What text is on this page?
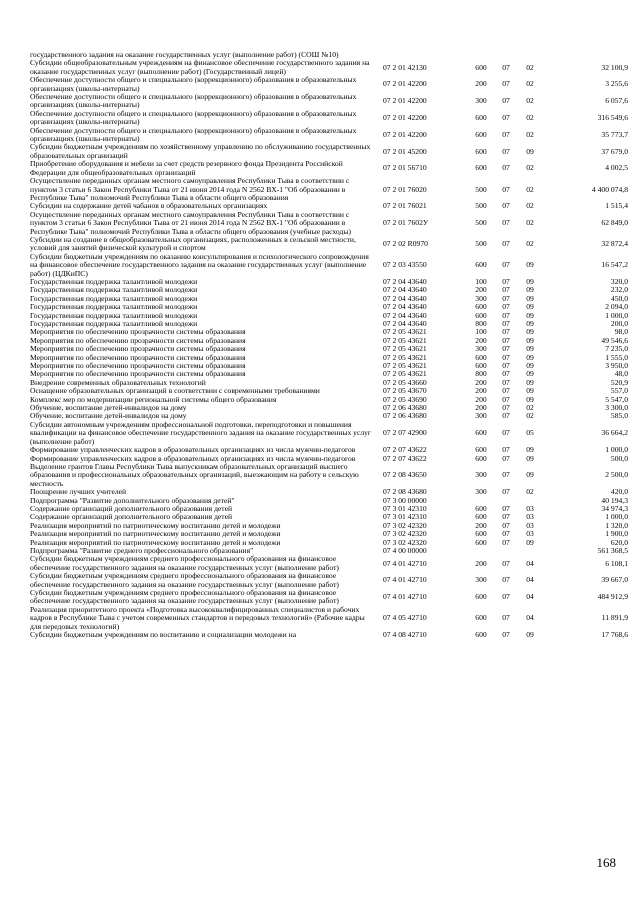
государственного задания на оказание государственных услуг (выполнение работ) (СОШ №10)					
Субсидии общеобразовательным учреждениям на финансовое обеспечение государственного задания на оказание государственных услуг (выполнение работ) (Государственный лицей)	07 2 01 42130	600	07	02	32 100,9
Обеспечение доступности общего и специального (коррекционного) образования в образовательных организациях (школы-интернаты)	07 2 01 42200	200	07	02	3 255,6
Обеспечение доступности общего и специального (коррекционного) образования в образовательных организациях (школы-интернаты)	07 2 01 42200	300	07	02	6 057,6
Обеспечение доступности общего и специального (коррекционного) образования в образовательных организациях (школы-интернаты)	07 2 01 42200	600	07	02	316 549,6
Обеспечение доступности общего и специального (коррекционного) образования в образовательных организациях (школы-интернаты)	07 2 01 42200	600	07	02	35 773,7
Субсидии бюджетным учреждениям по хозяйственному управлению по обслуживанию государственных образовательных организаций	07 2 01 45200	600	07	09	37 679,0
Приобретение оборудования и мебели за счет средств резервного фонда Президента Российской Федерации для общеобразовательных организаций	07 2 01 56710	600	07	02	4 002,5
Осуществление переданных органам местного самоуправления Республики Тыва в соответствии с пунктом 3 статьи 6 Закон Республики Тыва от 21 июня 2014 года N 2562 ВХ-1 "Об образовании в Республике Тыва" полномочий Республики Тыва в области общего образования	07 2 01 76020	500	07	02	4 400 074,8
Субсидии на содержание детей чабанов в образовательных организациях	07 2 01 76021	500	07	02	1 515,4
Осуществление переданных органам местного самоуправления Республики Тыва в соответствии с пунктом 3 статьи 6 Закон Республики Тыва от 21 июня 2014 года N 2562 ВХ-1 "Об образовании в Республике Тыва" полномочий Республики Тыва в области общего образования (учебные расходы)	07 2 01 7602У	500	07	02	62 849,0
Субсидии на создание в общеобразовательных организациях, расположенных в сельской местности, условий для занятий физической культурой и спортом	07 2 02 R0970	500	07	02	32 872,4
Субсидии бюджетным учреждениям по оказанию консультирования и психологического сопровождения на финансовое обеспечение государственного задания на оказание государственных услуг (выполнение работ) (ЦДКиПС)	07 2 03 43550	600	07	09	16 547,2
Государственная поддержка талантливой молодежи	07 2 04 43640	100	07	09	320,0
Государственная поддержка талантливой молодежи	07 2 04 43640	200	07	09	232,0
Государственная поддержка талантливой молодежи	07 2 04 43640	300	07	09	450,0
Государственная поддержка талантливой молодежи	07 2 04 43640	600	07	09	2 094,0
Государственная поддержка талантливой молодежи	07 2 04 43640	600	07	09	1 000,0
Государственная поддержка талантливой молодежи	07 2 04 43640	800	07	09	200,0
Мероприятия по обеспечению прозрачности системы образования	07 2 05 43621	100	07	09	98,0
Мероприятия по обеспечению прозрачности системы образования	07 2 05 43621	200	07	09	49 546,6
Мероприятия по обеспечению прозрачности системы образования	07 2 05 43621	300	07	09	7 235,0
Мероприятия по обеспечению прозрачности системы образования	07 2 05 43621	600	07	09	1 555,0
Мероприятия по обеспечению прозрачности системы образования	07 2 05 43621	600	07	09	3 950,0
Мероприятия по обеспечению прозрачности системы образования	07 2 05 43621	800	07	09	48,0
Внедрение современных образовательных технологий	07 2 05 43660	200	07	09	520,9
Оснащение образовательных организаций в соответствии с современными требованиями	07 2 05 43670	200	07	09	557,0
Комплекс мер по модернизации региональной системы общего образования	07 2 05 43690	200	07	09	5 547,0
Обучение, воспитание детей-инвалидов на дому	07 2 06 43680	200	07	02	3 300,0
Обучение, воспитание детей-инвалидов на дому	07 2 06 43680	300	07	02	585,0
Субсидии автономным учреждениям профессиональной подготовки, переподготовки и повышения квалификации на финансовое обеспечение государственного задания на оказание государственных услуг (выполнение работ)	07 2 07 42900	600	07	05	36 664,2
Формирование управленческих кадров в образовательных организациях из числа мужчин-педагогов	07 2 07 43622	600	07	09	1 000,0
Формирование управленческих кадров в образовательных организациях из числа мужчин-педагогов	07 2 07 43622	600	07	09	500,0
Выделение грантов Главы Республики Тыва выпускникам образовательных организаций высшего образования и профессиональных образовательных организаций, выезжающим на работу в сельскую местность	07 2 08 43650	300	07	09	2 500,0
Поощрение лучших учителей	07 2 08 43680	300	07	02	420,0
Подпрограмма "Развитие дополнительного образования детей"	07 3 00 00000				40 194,3
Содержание организаций дополнительного образования детей	07 3 01 42310	600	07	03	34 974,3
Содержание организаций дополнительного образования детей	07 3 01 42310	600	07	03	1 000,0
Реализация мероприятий по патриотическому воспитанию детей и молодежи	07 3 02 42320	200	07	03	1 320,0
Реализация мероприятий по патриотическому воспитанию детей и молодежи	07 3 02 42320	600	07	03	1 900,0
Реализация мероприятий по патриотическому воспитанию детей и молодежи	07 3 02 42320	600	07	09	620,0
Подпрограмма "Развитие среднего профессионального образования"	07 4 00 00000				561 368,5
Субсидии бюджетным учреждениям среднего профессионального образования на финансовое обеспечение государственного задания на оказание государственных услуг (выполнение работ)	07 4 01 42710	200	07	04	6 108,1
Субсидии бюджетным учреждениям среднего профессионального образования на финансовое обеспечение государственного задания на оказание государственных услуг (выполнение работ)	07 4 01 42710	300	07	04	39 667,0
Субсидии бюджетным учреждениям среднего профессионального образования на финансовое обеспечение государственного задания на оказание государственных услуг (выполнение работ)	07 4 01 42710	600	07	04	484 912,9
Реализация приоритетного проекта «Подготовка высококвалифицированных специалистов и рабочих кадров в Республике Тыва с учетом современных стандартов и передовых технологий» (Рабочие кадры для передовых технологий)	07 4 05 42710	600	07	04	11 891,9
Субсидии бюджетным учреждениям по воспитанию и социализации молодежи на	07 4 08 42710	600	07	09	17 768,6
168
